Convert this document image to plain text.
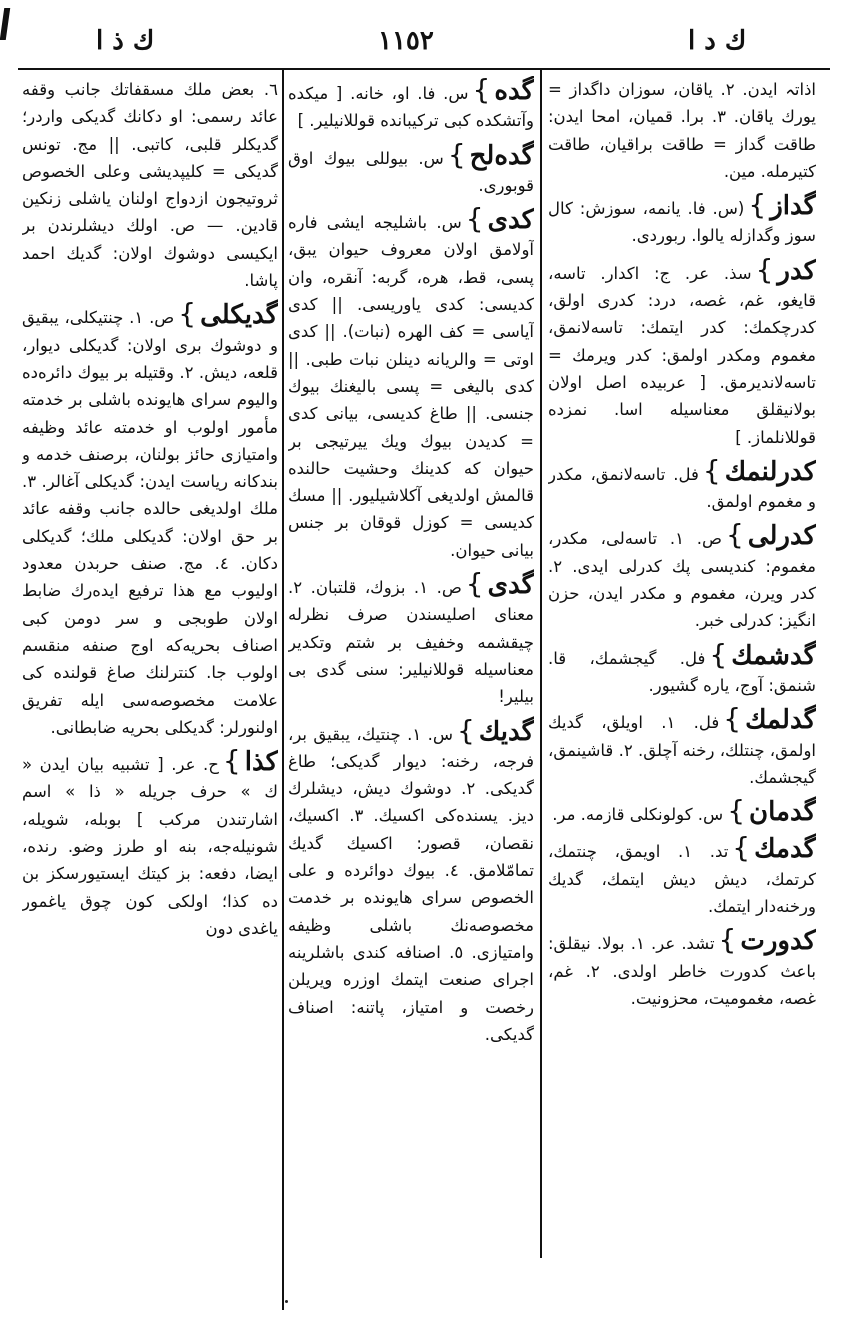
ك ذ ا	١١٥٢	ك د ا
اذاتہ ایدن. ۲. یاقان، سوزان داگداز = یورك یاقان. ۳. برا. قمیان، امحا ایدن: طاقت گداز = طاقت براقیان، طاقت کتیرمله. مین.
گداز}(س. فا. یانمه، سوزش: کال سوز وگدازله یالوا. ربوردی.
کدر}سذ. عر. ج: اکدار. تاسه، قایغو، غم، غصه، درد: کدری اولق، کدرچکمك: کدر ایتمك: تاسه‌لانمق، مغموم ومکدر اولمق: کدر ویرمك = تاسه‌لاندیرمق. [ عربیده اصل اولان بولانیقلق معناسیله اسا. نمزده قوللانلماز. ]
کدرلنمك}فل. تاسه‌لانمق، مکدر و مغموم اولمق.
کدرلی}ص. ۱. تاسه‌لی، مکدر، مغموم: کندیسی پك کدرلی ایدی. ۲. کدر ویرن، مغموم و مکدر ایدن، حزن انگیز: کدرلی خبر.
گدشمك}فل. گیجشمك، قا. شنمق: آوج، یاره گشیور.
گدلمك}فل. ۱. اویلق، گدیك اولمق، چنتلك، رخنه آچلق. ۲. قاشینمق، گیجشمك.
گدمان}س. کولونکلی قازمه. مر.
گدمك}تد. ۱. اویمق، چنتمك، کرتمك، دیش دیش ایتمك، گدیك ورخنه‌دار ایتمك.
کدورت}تشد. عر. ۱. بولا. نیقلق: باعث کدورت خاطر اولدی. ۲. غم، غصه، مغمومیت، محزونیت.
گده}س. فا. او، خانه. [ میکده وآتشکده کبی ترکیبانده قوللانیلیر. ]
گده‌لح}س. بیوللی بیوك اوق قوبوری.
کدی}س. باشلیجه ایشی فاره آولامق اولان معروف حیوان یبق، پسی، قط، هره، گربه: آنقره، وان کدیسی: کدی یاوریسی. || کدی آیاسی = کف الهره (نبات). || کدی اوتی = والریانه دینلن نبات طبی. || کدی بالیغی = پسی بالیغنك بیوك جنسی. || طاغ کدیسی، بیانی کدی = کدیدن بیوك ویك ییرتیجی بر حیوان که کدینك وحشیت حالنده قالمش اولدیغی آکلاشیلیور. || مسك کدیسی = کوزل قوقان بر جنس بیانی حیوان.
گدی}ص. ۱. بزوك، قلتبان. ۲. معنای اصلیسندن صرف نظرله چیقشمه وخفیف بر شتم وتکدیر معناسیله قوللانیلیر: سنی گدی بی بیلیر!
گدیك}س. ۱. چنتیك، یبقیق بر، فرجه، رخنه: دیوار گدیکی؛ طاغ گدیکی. ۲. دوشوك دیش، دیشلرك دیز. یسنده‌کی اکسیك. ۳. اکسیك، نقصان، قصور: اکسیك گدیك تمامّلامق. ٤. بیوك دوائرده و علی الخصوص سرای هایونده بر خدمت مخصوصه‌نك باشلی وظیفه وامتیازی. ٥. اصنافه کندی باشلرینه اجرای صنعت ایتمك اوزره ویریلن رخصت و امتیاز، پاتنه: اصناف گدیکی.
٦. بعض ملك مسقفاتك جانب وقفه عائد رسمی: او دکانك گدیکی واردر؛ گدیکلر قلبی، کاتبی. || مج. تونس گدیکی = کلیپدیشی وعلی الخصوص ثروتیجون ازدواج اولنان یاشلی زنکین قادین. — ص. اولك دیشلرندن بر ایکیسی دوشوك اولان: گدیك احمد پاشا.
گدیکلی}ص. ۱. چنتیکلی، یبقیق و دوشوك بری اولان: گدیکلی دیوار، قلعه، دیش. ۲. وقتیله بر بیوك دائره‌ده والیوم سرای هایونده باشلی بر خدمته مأمور اولوب او خدمته عائد وظیفه وامتیازی حائز بولنان، برصنف خدمه و بندکانه ریاست ایدن: گدیکلی آغالر. ۳. ملك اولدیغی حالده جانب وقفه عائد بر حق اولان: گدیکلی ملك؛ گدیکلی دکان. ٤. مج. صنف حربدن معدود اولیوب مع هذا ترفیع ایده‌رك ضابط اولان طوبجی و سر دومن کبی اصناف بحریه‌که اوج صنفه منقسم اولوب جا. کنترلنك صاغ قولنده کی علامت مخصوصه‌سی ایله تفریق اولنورلر: گدیکلی بحریه ضابطانی.
کذا}ح. عر. [ تشبیه بیان ایدن « ك » حرف جریله « ذا » اسم اشارتندن مرکب ] بوبله، شویله، شونیله‌جه، بنه او طرز وضو. رنده، ایضا، دفعه: بز کیتك ایستیورسکز بن ده کذا؛ اولکی کون چوق یاغمور یاغدی دون
